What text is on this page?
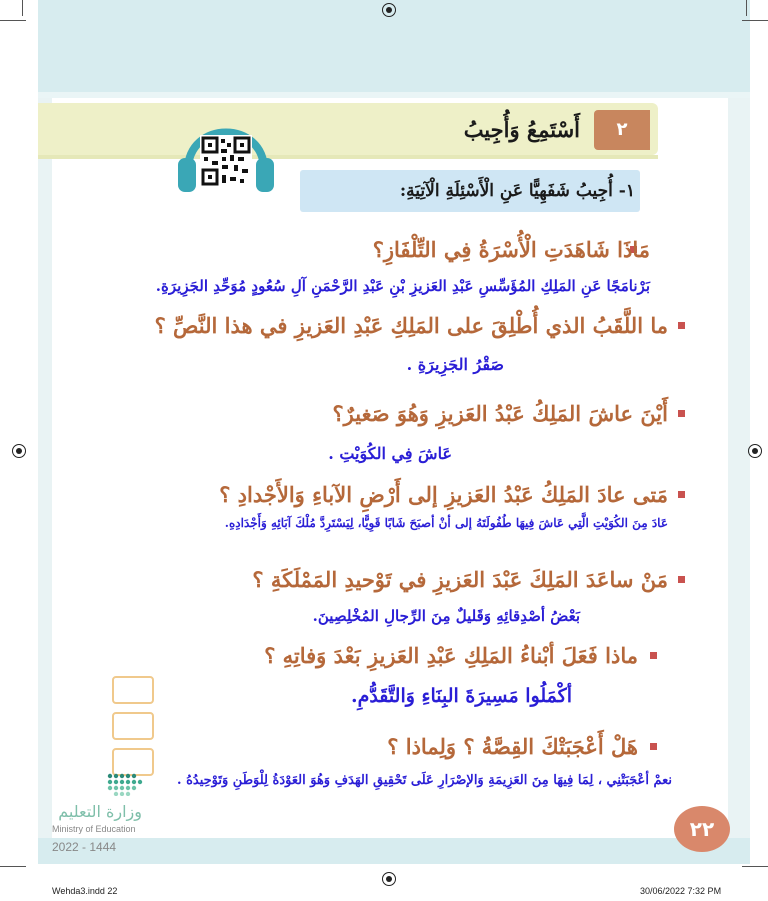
٢
أَسْتَمِعُ وَأُجِيبُ
١- أُجِيبُ شَفَهِيًّا عَنِ الْأَسْئِلَةِ الْآتِيَةِ:
مَاذَا شَاهَدَتِ الْأُسْرَةُ فِي التِّلْفَازِ؟
بَرْنامَجًا عَنِ المَلِكِ المُؤَسِّسِ عَبْدِ العَزيزِ بْنِ عَبْدِ الرَّحْمَنِ آلِ سُعُودٍ مُوَحِّدِ الجَزِيرَةِ.
ما اللَّقَبُ الذي أُطْلِقَ على المَلِكِ عَبْدِ العَزيزِ في هذا النَّصِّ ؟
صَقْرُ الجَزِيرَةِ .
أَيْنَ عاشَ المَلِكُ عَبْدُ العَزيزِ وَهُوَ صَغيرٌ؟
عَاشَ فِي الكُوَيْتِ .
مَتى عادَ المَلِكُ عَبْدُ العَزيزِ إلى أَرْضِ الآباءِ وَالأَجْدادِ ؟
عَادَ مِنَ الكُوَيْتِ الَّتِي عَاشَ فِيهَا طُفُولَتَهُ إلى أنْ أصبَحَ شَابًا قَوِيًّا، لِيَسْتَرِدَّ مُلْكَ آبَائِهِ وَأَجْدَادِهِ.
مَنْ ساعَدَ المَلِكَ عَبْدَ العَزيزِ في تَوْحيدِ المَمْلَكَةِ ؟
بَعْضُ أصْدِقائِهِ وَقَليلٌ مِنَ الرِّجالِ المُخْلِصِينَ.
ماذا فَعَلَ أبْناءُ المَلِكِ عَبْدِ العَزيزِ بَعْدَ وَفاتِهِ ؟
أكْمَلُوا مَسِيرَةَ البِنَاءِ وَالتَّقَدُّمِ.
هَلْ أَعْجَبَتْكَ القِصَّةُ ؟ وَلِماذا ؟
نعمْ أعْجَبَتْنِي ، لِمَا فِيهَا مِنَ العَزِيمَةِ وَالإصْرَارِ عَلَى تَحْقِيقِ الهَدَفِ وَهُوَ العَوْدَةُ لِلْوَطَنِ وَتَوْحِيدُهُ .
وزارة التعليم
Ministry of Education
2022 - 1444
٢٢
Wehda3.indd 22	30/06/2022 7:32 PM
